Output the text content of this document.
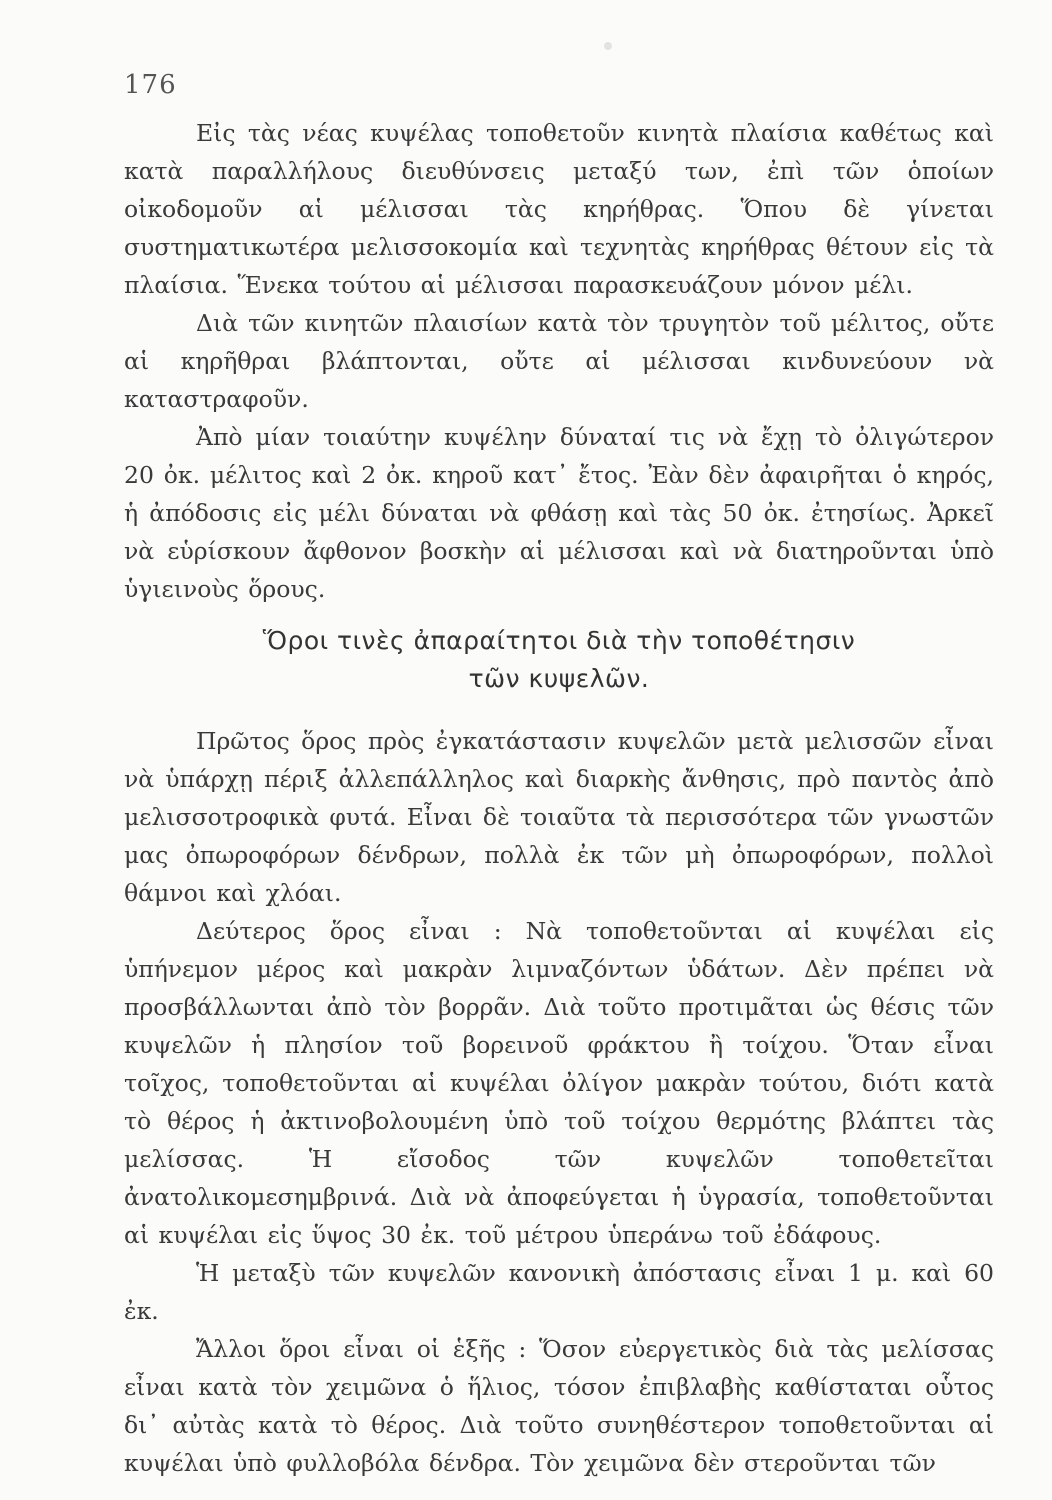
176

Εἰς τὰς νέας κυψέλας τοποθετοῦν κινητὰ πλαίσια καθέτως καὶ κατὰ παραλλήλους διευθύνσεις μεταξύ των, ἐπὶ τῶν ὁποίων οἰκοδομοῦν αἱ μέλισσαι τὰς κηρήθρας. Ὅπου δὲ γίνεται συστηματικωτέρα μελισσοκομία καὶ τεχνητὰς κηρήθρας θέτουν εἰς τὰ πλαίσια. Ἕνεκα τούτου αἱ μέλισσαι παρασκευάζουν μόνον μέλι.

Διὰ τῶν κινητῶν πλαισίων κατὰ τὸν τρυγητὸν τοῦ μέλιτος, οὔτε αἱ κηρῆθραι βλάπτονται, οὔτε αἱ μέλισσαι κινδυνεύουν νὰ καταστραφοῦν.

Ἀπὸ μίαν τοιαύτην κυψέλην δύναταί τις νὰ ἔχῃ τὸ ὀλιγώτερον 20 ὀκ. μέλιτος καὶ 2 ὀκ. κηροῦ κατ᾽ ἔτος. Ἐὰν δὲν ἀφαιρῆται ὁ κηρός, ἡ ἀπόδοσις εἰς μέλι δύναται νὰ φθάσῃ καὶ τὰς 50 ὀκ. ἐτησίως. Ἀρκεῖ νὰ εὑρίσκουν ἄφθονον βοσκὴν αἱ μέλισσαι καὶ νὰ διατηροῦνται ὑπὸ ὑγιεινοὺς ὅρους.

Ὅροι τινὲς ἀπαραίτητοι διὰ τὴν τοποθέτησιν
τῶν κυψελῶν.

Πρῶτος ὅρος πρὸς ἐγκατάστασιν κυψελῶν μετὰ μελισσῶν εἶναι νὰ ὑπάρχῃ πέριξ ἀλλεπάλληλος καὶ διαρκὴς ἄνθησις, πρὸ παντὸς ἀπὸ μελισσοτροφικὰ φυτά. Εἶναι δὲ τοιαῦτα τὰ περισσότερα τῶν γνωστῶν μας ὀπωροφόρων δένδρων, πολλὰ ἐκ τῶν μὴ ὀπωροφόρων, πολλοὶ θάμνοι καὶ χλόαι.

Δεύτερος ὅρος εἶναι : Νὰ τοποθετοῦνται αἱ κυψέλαι εἰς ὑπήνεμον μέρος καὶ μακρὰν λιμναζόντων ὑδάτων. Δὲν πρέπει νὰ προσβάλλωνται ἀπὸ τὸν βορρᾶν. Διὰ τοῦτο προτιμᾶται ὡς θέσις τῶν κυψελῶν ἡ πλησίον τοῦ βορεινοῦ φράκτου ἢ τοίχου. Ὅταν εἶναι τοῖχος, τοποθετοῦνται αἱ κυψέλαι ὀλίγον μακρὰν τούτου, διότι κατὰ τὸ θέρος ἡ ἀκτινοβολουμένη ὑπὸ τοῦ τοίχου θερμότης βλάπτει τὰς μελίσσας. Ἡ εἴσοδος τῶν κυψελῶν τοποθετεῖται ἀνατολικομεσημβρινά. Διὰ νὰ ἀποφεύγεται ἡ ὑγρασία, τοποθετοῦνται αἱ κυψέλαι εἰς ὕψος 30 ἐκ. τοῦ μέτρου ὑπεράνω τοῦ ἐδάφους.

Ἡ μεταξὺ τῶν κυψελῶν κανονικὴ ἀπόστασις εἶναι 1 μ. καὶ 60 ἐκ.

Ἄλλοι ὅροι εἶναι οἱ ἑξῆς : Ὅσον εὐεργετικὸς διὰ τὰς μελίσσας εἶναι κατὰ τὸν χειμῶνα ὁ ἥλιος, τόσον ἐπιβλαβὴς καθίσταται οὗτος δι᾽ αὐτὰς κατὰ τὸ θέρος. Διὰ τοῦτο συνηθέστερον τοποθετοῦνται αἱ κυψέλαι ὑπὸ φυλλοβόλα δένδρα. Τὸν χειμῶνα δὲν στεροῦνται τῶν
